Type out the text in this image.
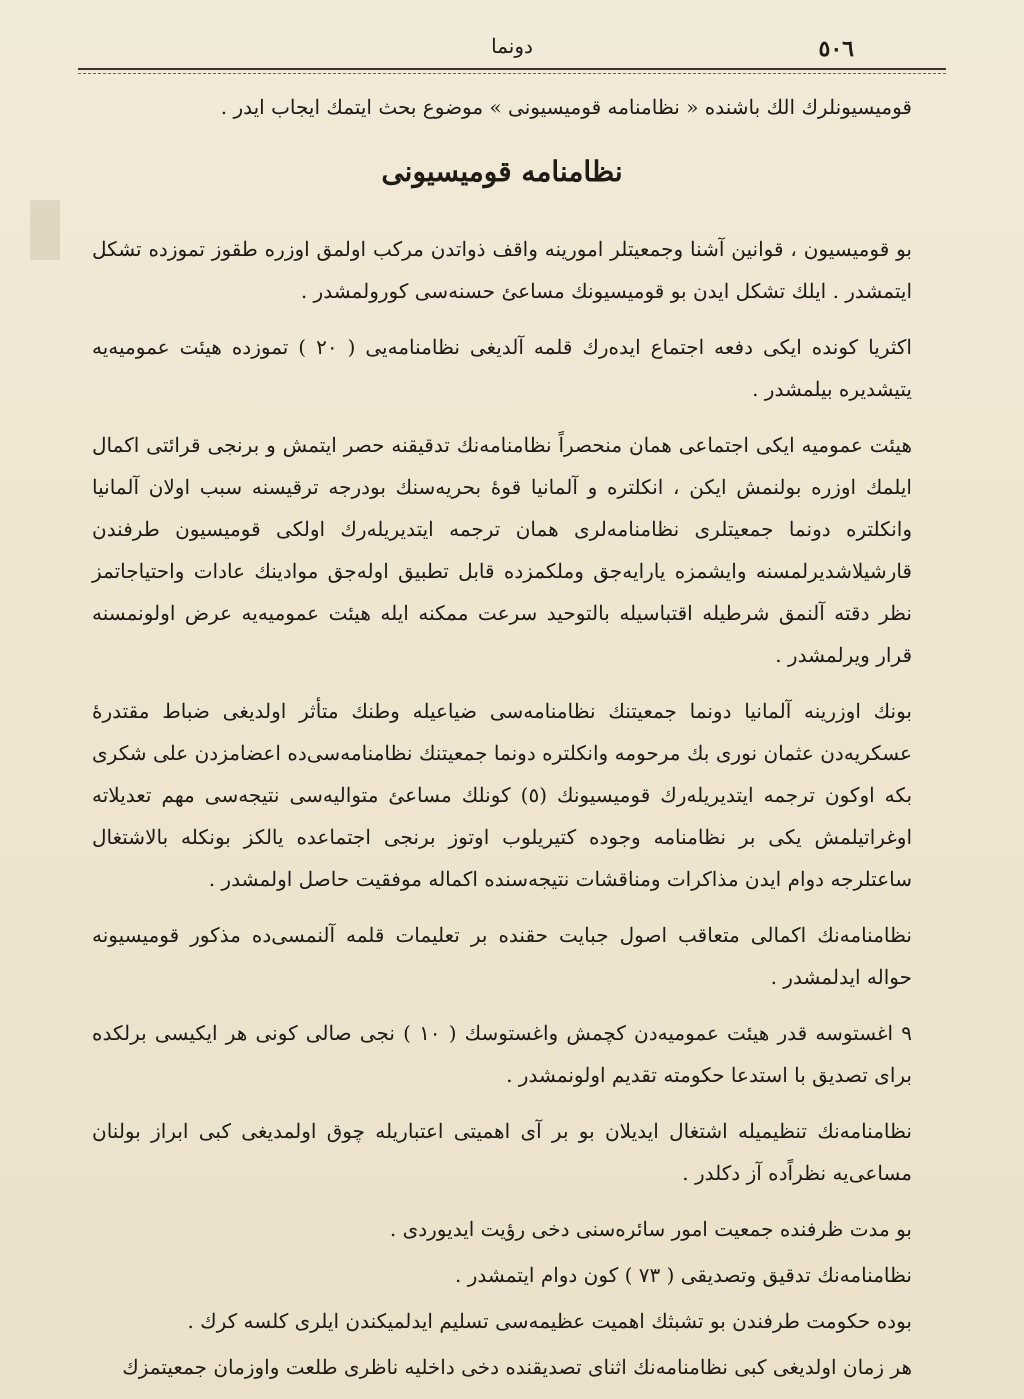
٥٠٦
دونما

قومیسیونلرك الك باشنده « نظامنامه قومیسیونی » موضوع بحث ایتمك ایجاب ایدر .

نظامنامه قومیسیونی

بو قومیسیون ، قوانین آشنا وجمعیتلر امورینه واقف ذواتدن مرکب اولمق اوزره طقوز تموزده تشکل ایتمشدر . ایلك تشکل ایدن بو قومیسیونك مساعئ حسنه‌سی کورولمشدر .

اکثریا کونده ایکی دفعه اجتماع ایده‌رك قلمه آلدیغی نظامنامه‌یی ( ٢٠ ) تموزده هیئت عمومیه‌یه یتیشدیره بیلمشدر .

هیئت عمومیه ایکی اجتماعی همان منحصراً نظامنامه‌نك تدقیقنه حصر ایتمش و برنجی قرائتی اکمال ایلمك اوزره بولنمش ایکن ، انکلتره و آلمانیا قوهٔ بحریه‌سنك بودرجه ترقیسنه سبب اولان آلمانیا وانکلتره دونما جمعیتلری نظامنامه‌لری همان ترجمه ایتدیریله‌رك اولکی قومیسیون طرفندن قارشیلاشدیرلمسنه وایشمزه یارایه‌جق وملکمزده قابل تطبیق اوله‌جق موادینك عادات واحتیاجاتمز نظر دقته آلنمق شرطیله اقتباسیله بالتوحید سرعت ممکنه ایله هیئت عمومیه‌یه عرض اولونمسنه قرار ویرلمشدر .

بونك اوزرینه آلمانیا دونما جمعیتنك نظامنامه‌سی ضیاعیله وطنك متأثر اولدیغی ضباط مقتدرهٔ عسکریه‌دن عثمان نوری بك مرحومه وانکلتره دونما جمعیتنك نظامنامه‌سی‌ده اعضامزدن علی شکری بکه اوکون ترجمه ایتدیریله‌رك قومیسیونك (٥) کونلك مساعئ متوالیه‌سی نتیجه‌سی مهم تعدیلاته اوغراتیلمش یکی بر نظامنامه وجوده کتیریلوب اوتوز برنجی اجتماعده یالکز بونکله بالاشتغال ساعتلرجه دوام ایدن مذاکرات ومناقشات نتیجه‌سنده اکماله موفقیت حاصل اولمشدر .

نظامنامه‌نك اکمالی متعاقب اصول جبایت حقنده بر تعلیمات قلمه آلنمسی‌ده مذکور قومیسیونه حواله ایدلمشدر .

٩ اغستوسه قدر هیئت عمومیه‌دن کچمش واغستوسك ( ١٠ ) نجی صالی کونی هر ایکیسی برلکده برای تصدیق با استدعا حکومته تقدیم اولونمشدر .

نظامنامه‌نك تنظیمیله اشتغال ایدیلان بو بر آی اهمیتی اعتباریله چوق اولمدیغی کبی ابراز بولنان مساعی‌یه نظراً‌ده آز دکلدر .

بو مدت ظرفنده جمعیت امور سائره‌سنی دخی رؤیت ایدیوردی .

نظامنامه‌نك تدقیق وتصدیقی ( ٧٣ ) کون دوام ایتمشدر .

بوده حکومت طرفندن بو تشبثك اهمیت عظیمه‌سی تسلیم ایدلمیکندن ایلری کلسه کرك .

هر زمان اولدیغی کبی نظامنامه‌نك اثنای تصدیقنده دخی داخلیه ناظری طلعت واوزمان جمعیتمزك
